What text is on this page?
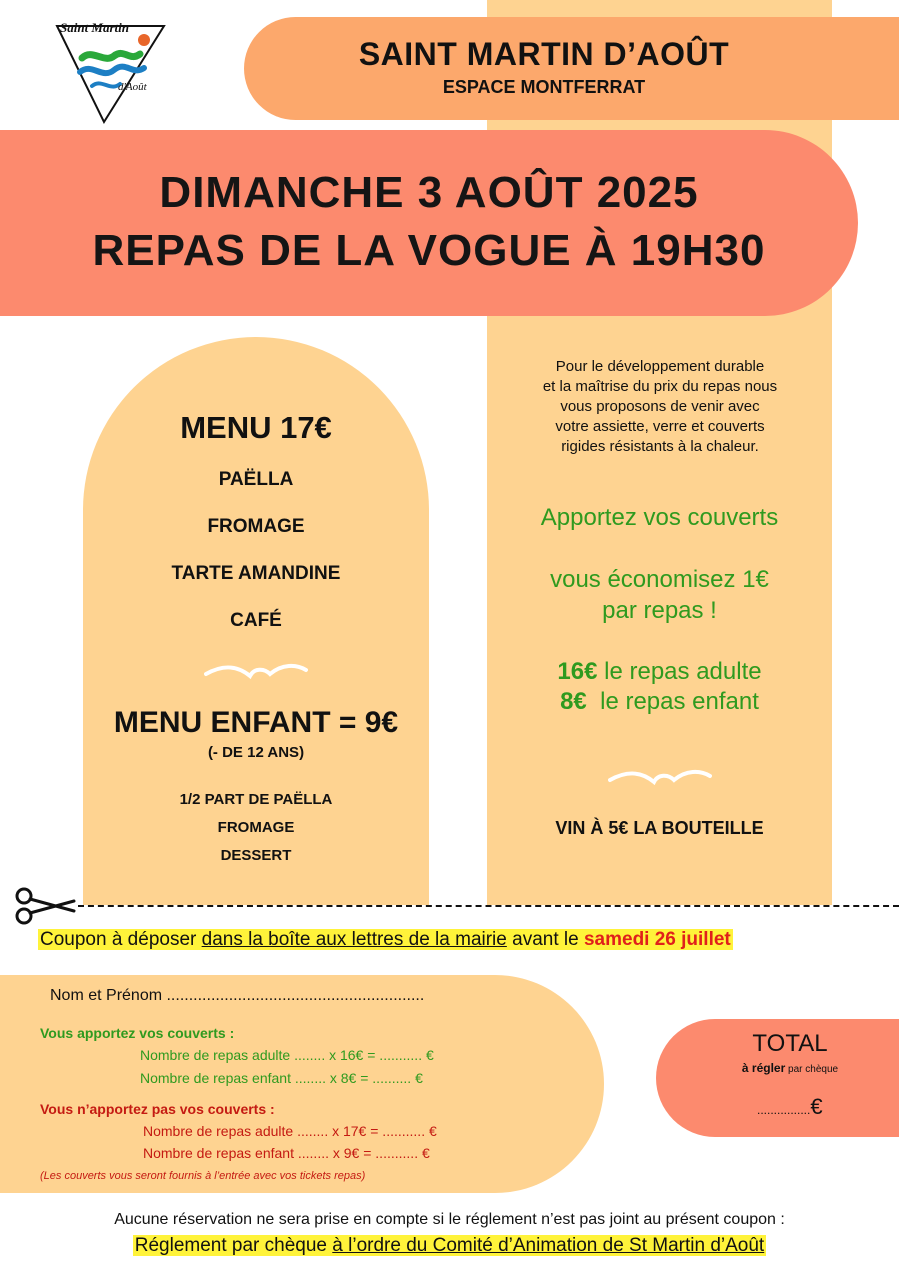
Saint Martin
d'Août
SAINT MARTIN D’AOÛT
ESPACE MONTFERRAT
DIMANCHE 3 AOÛT 2025
REPAS DE LA VOGUE À 19H30
MENU 17€
PAËLLA
FROMAGE
TARTE AMANDINE
CAFÉ
MENU ENFANT = 9€
(- DE 12 ANS)
1/2 PART DE PAËLLA
FROMAGE
DESSERT
Pour le développement durable
et la maîtrise du prix du repas nous
vous proposons de venir avec
votre assiette, verre et couverts
rigides résistants à la chaleur.
Apportez vos couverts
vous économisez 1€
par repas !
16€ le repas adulte
8€  le repas enfant
VIN À 5€ LA BOUTEILLE
Coupon à déposer dans la boîte aux lettres de la mairie avant le samedi 26 juillet
Nom et Prénom ..........................................................
Vous apportez vos couverts :
Nombre de repas adulte ........ x 16€ = ........... €
Nombre de repas enfant ........ x 8€ = .......... €
Vous n’apportez pas vos couverts :
Nombre de repas adulte ........ x 17€ = ........... €
Nombre de repas enfant ........ x 9€ = ........... €
(Les couverts vous seront fournis à l’entrée avec vos tickets repas)
TOTAL
à régler par chèque
................€
Aucune réservation ne sera prise en compte si le réglement n’est pas joint au présent coupon :
Réglement par chèque à l’ordre du Comité d’Animation de St Martin d’Août
